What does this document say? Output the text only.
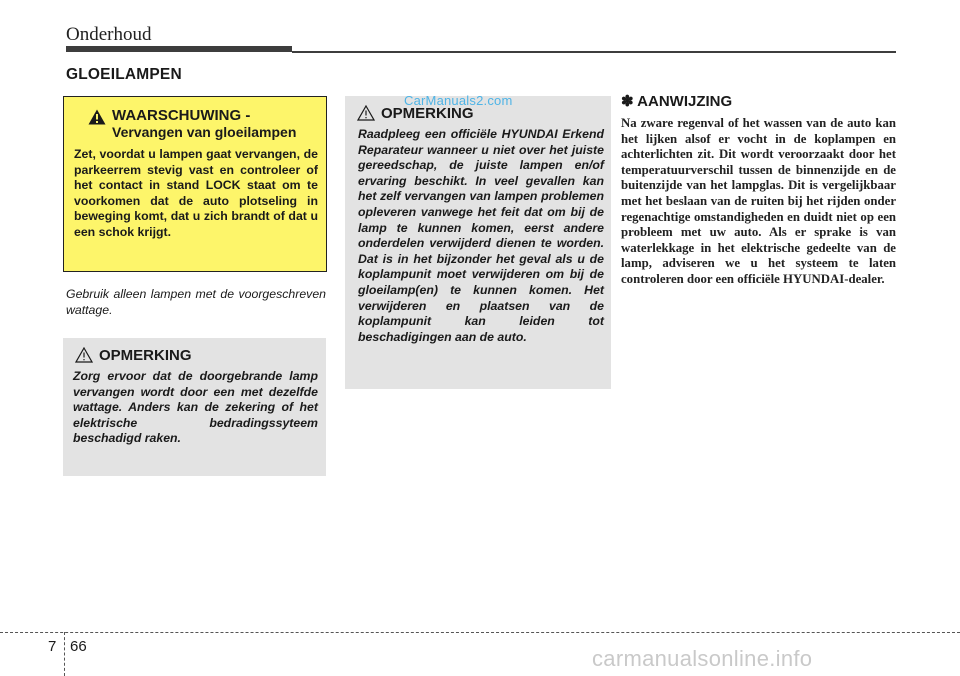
Onderhoud
GLOEILAMPEN
WAARSCHUWING -
Vervangen van gloeilampen
Zet, voordat u lampen gaat vervangen, de parkeerrem stevig vast en controleer of het contact in stand LOCK staat om te voorkomen dat de auto plotseling in beweging komt, dat u zich brandt of dat u een schok krijgt.
Gebruik alleen lampen met de voorgeschreven wattage.
OPMERKING
Zorg ervoor dat de doorgebrande lamp vervangen wordt door een met dezelfde wattage. Anders kan de zekering of het elektrische bedradingssyteem beschadigd raken.
OPMERKING
Raadpleeg een officiële HYUNDAI Erkend Reparateur wanneer u niet over het juiste gereedschap, de juiste lampen en/of ervaring beschikt. In veel gevallen kan het zelf vervangen van lampen problemen opleveren vanwege het feit dat om bij de lamp te kunnen komen, eerst andere onderdelen verwijderd dienen te worden. Dat is in het bijzonder het geval als u de koplampunit moet verwijderen om bij de gloeilamp(en) te kunnen komen. Het verwijderen en plaatsen van de koplampunit kan leiden tot beschadigingen aan de auto.
CarManuals2.com	✽ AANWIJZING
Na zware regenval of het wassen van de auto kan het lijken alsof er vocht in de koplampen en achterlichten zit. Dit wordt veroorzaakt door het temperatuurverschil tussen de binnenzijde en de buitenzijde van het lampglas. Dit is vergelijkbaar met het beslaan van de ruiten bij het rijden onder regenachtige omstandigheden en duidt niet op een probleem met uw auto. Als er sprake is van waterlekkage in het elektrische gedeelte van de lamp, adviseren we u het systeem te laten controleren door een officiële HYUNDAI-dealer.
7 66	carmanualsonline.info
